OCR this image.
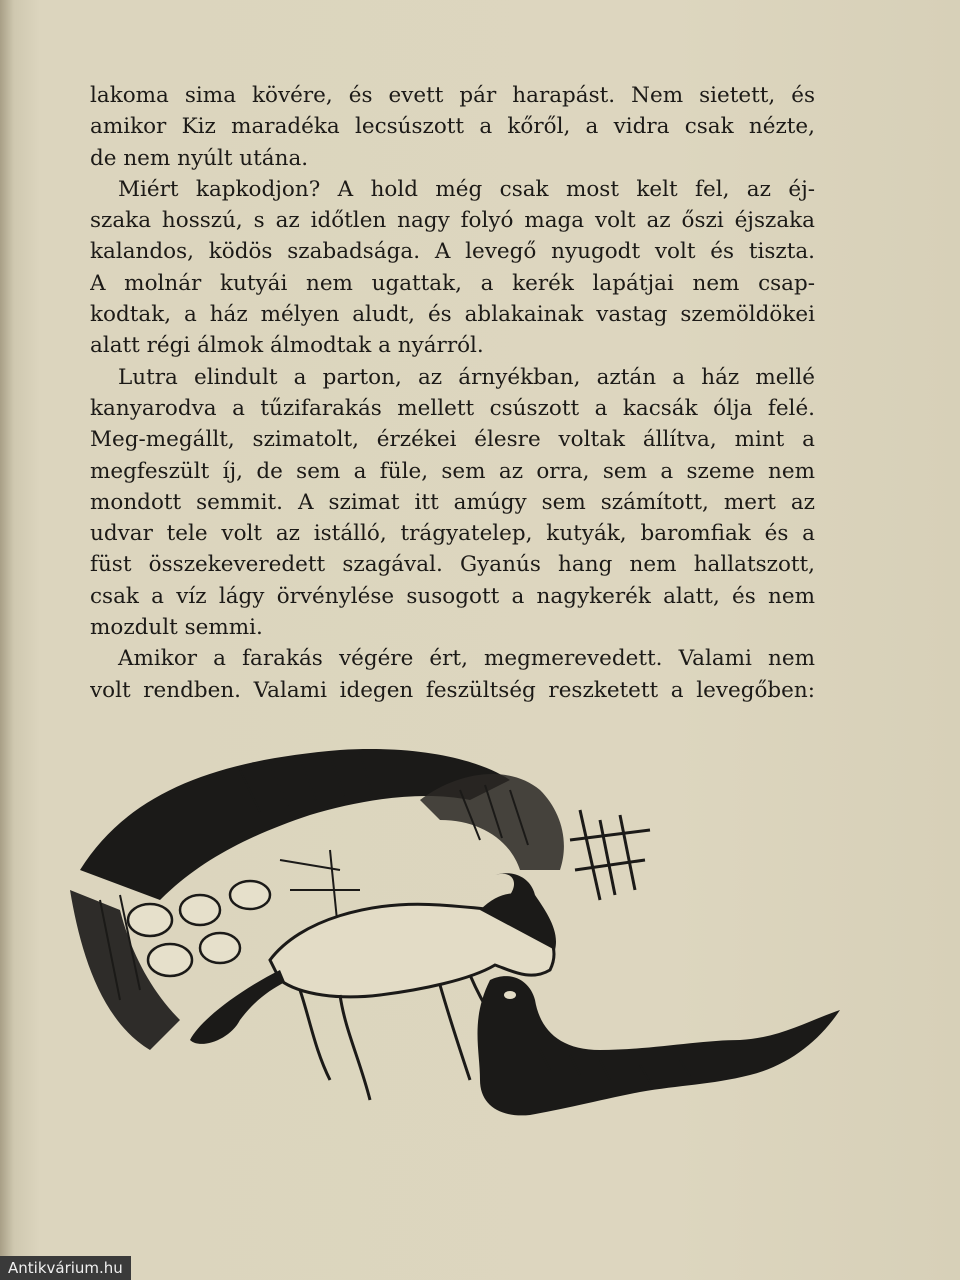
lakoma sima kövére, és evett pár harapást. Nem sietett, és
amikor Kiz maradéka lecsúszott a kőről, a vidra csak nézte,
de nem nyúlt utána.
Miért kapkodjon? A hold még csak most kelt fel, az éj-
szaka hosszú, s az időtlen nagy folyó maga volt az őszi éjszaka
kalandos, ködös szabadsága. A levegő nyugodt volt és tiszta.
A molnár kutyái nem ugattak, a kerék lapátjai nem csap-
kodtak, a ház mélyen aludt, és ablakainak vastag szemöldökei
alatt régi álmok álmodtak a nyárról.
Lutra elindult a parton, az árnyékban, aztán a ház mellé
kanyarodva a tűzifarakás mellett csúszott a kacsák ólja felé.
Meg-megállt, szimatolt, érzékei élesre voltak állítva, mint a
megfeszült íj, de sem a füle, sem az orra, sem a szeme nem
mondott semmit. A szimat itt amúgy sem számított, mert az
udvar tele volt az istálló, trágyatelep, kutyák, baromfiak és a
füst összekeveredett szagával. Gyanús hang nem hallatszott,
csak a víz lágy örvénylése susogott a nagykerék alatt, és nem
mozdult semmi.
Amikor a farakás végére ért, megmerevedett. Valami nem
volt rendben. Valami idegen feszültség reszketett a levegőben:
Antikvárium.hu
